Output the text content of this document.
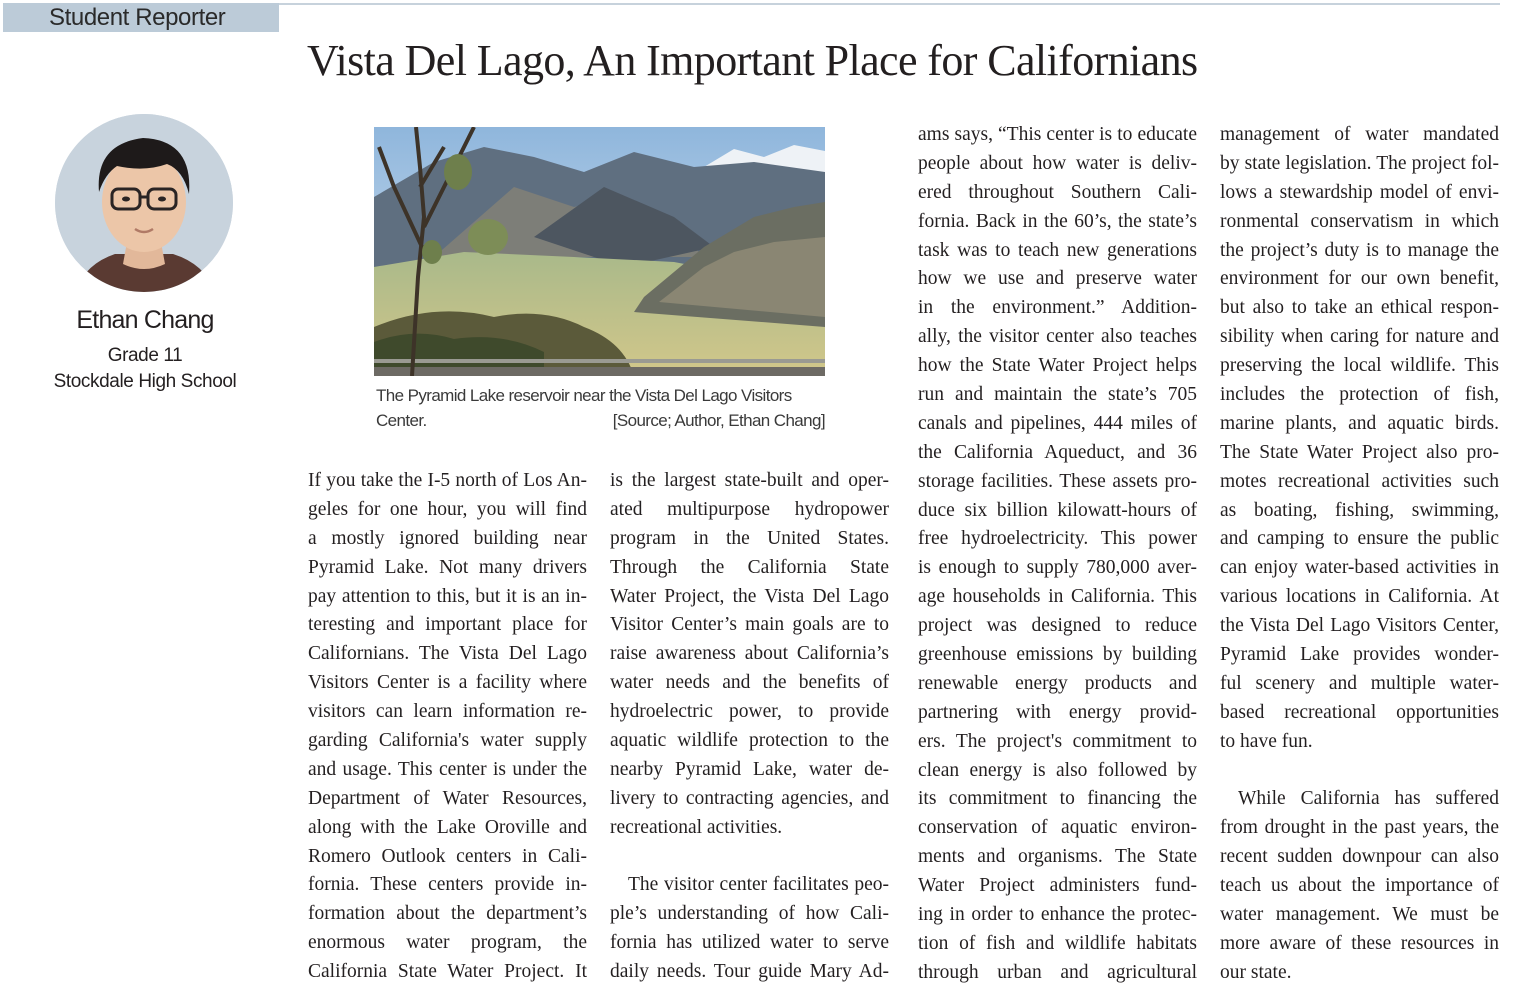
Student Reporter
Vista Del Lago, An Important Place for Californians
Ethan Chang
Grade 11
Stockdale High School
The Pyramid Lake reservoir near the Vista Del Lago Visitors
Center.	[Source; Author, Ethan Chang]
If you take the I-5 north of Los An-
geles for one hour, you will find
a mostly ignored building near
Pyramid Lake. Not many drivers
pay attention to this, but it is an in-
teresting and important place for
Californians. The Vista Del Lago
Visitors Center is a facility where
visitors can learn information re-
garding California's water supply
and usage. This center is under the
Department of Water Resources,
along with the Lake Oroville and
Romero Outlook centers in Cali-
fornia. These centers provide in-
formation about the department’s
enormous water program, the
California State Water Project. It
is the largest state-built and oper-
ated multipurpose hydropower
program in the United States.
Through the California State
Water Project, the Vista Del Lago
Visitor Center’s main goals are to
raise awareness about California’s
water needs and the benefits of
hydroelectric power, to provide
aquatic wildlife protection to the
nearby Pyramid Lake, water de-
livery to contracting agencies, and
recreational activities.
The visitor center facilitates peo-
ple’s understanding of how Cali-
fornia has utilized water to serve
daily needs. Tour guide Mary Ad-
ams says, “This center is to educate
people about how water is deliv-
ered throughout Southern Cali-
fornia. Back in the 60’s, the state’s
task was to teach new generations
how we use and preserve water
in the environment.” Addition-
ally, the visitor center also teaches
how the State Water Project helps
run and maintain the state’s 705
canals and pipelines, 444 miles of
the California Aqueduct, and 36
storage facilities. These assets pro-
duce six billion kilowatt-hours of
free hydroelectricity. This power
is enough to supply 780,000 aver-
age households in California. This
project was designed to reduce
greenhouse emissions by building
renewable energy products and
partnering with energy provid-
ers. The project's commitment to
clean energy is also followed by
its commitment to financing the
conservation of aquatic environ-
ments and organisms. The State
Water Project administers fund-
ing in order to enhance the protec-
tion of fish and wildlife habitats
through urban and agricultural
management of water mandated
by state legislation. The project fol-
lows a stewardship model of envi-
ronmental conservatism in which
the project’s duty is to manage the
environment for our own benefit,
but also to take an ethical respon-
sibility when caring for nature and
preserving the local wildlife. This
includes the protection of fish,
marine plants, and aquatic birds.
The State Water Project also pro-
motes recreational activities such
as boating, fishing, swimming,
and camping to ensure the public
can enjoy water-based activities in
various locations in California. At
the Vista Del Lago Visitors Center,
Pyramid Lake provides wonder-
ful scenery and multiple water-
based recreational opportunities
to have fun.
While California has suffered
from drought in the past years, the
recent sudden downpour can also
teach us about the importance of
water management. We must be
more aware of these resources in
our state.
